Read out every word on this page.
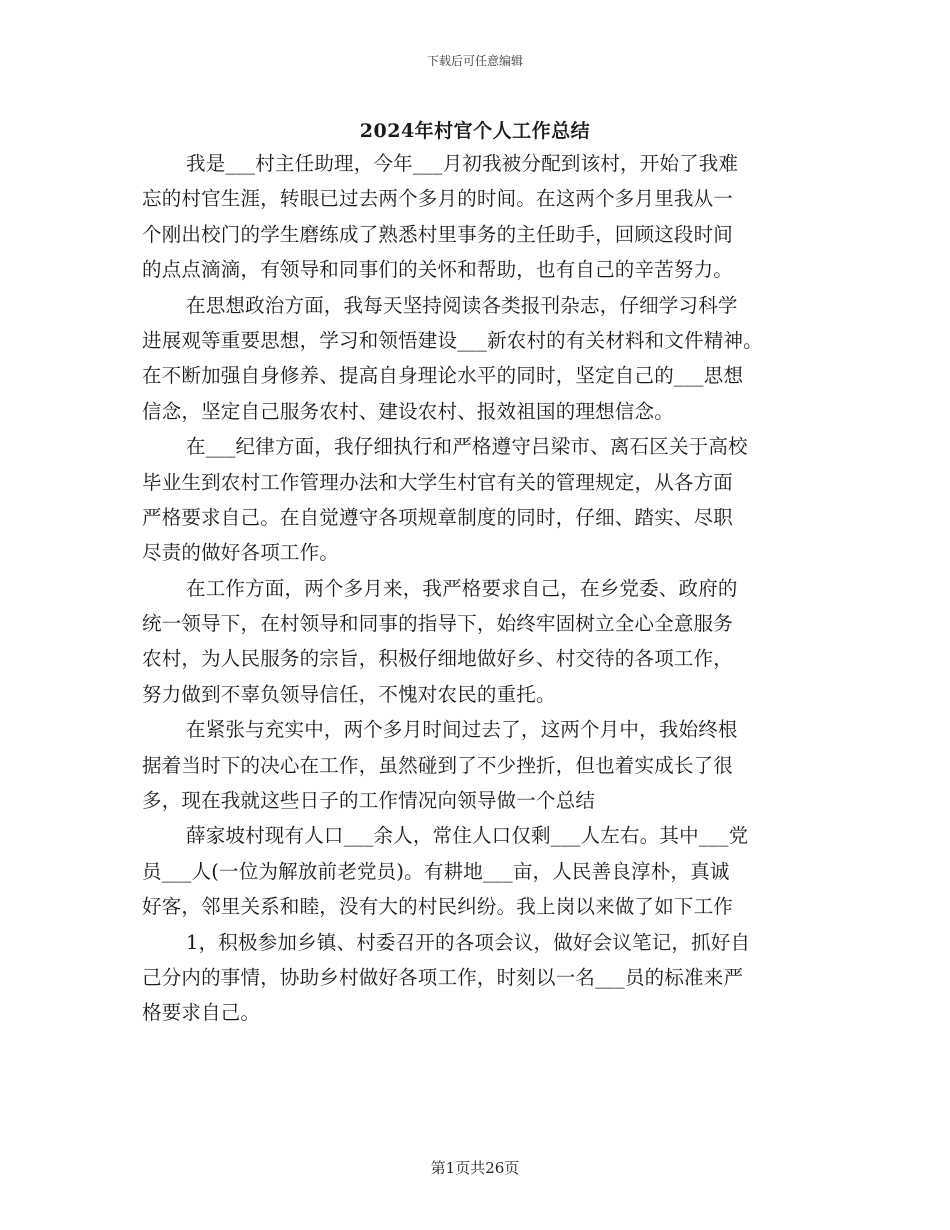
下载后可任意编辑
2024年村官个人工作总结
我是___村主任助理，今年___月初我被分配到该村，开始了我难
忘的村官生涯，转眼已过去两个多月的时间。在这两个多月里我从一
个刚出校门的学生磨练成了熟悉村里事务的主任助手，回顾这段时间
的点点滴滴，有领导和同事们的关怀和帮助，也有自己的辛苦努力。
在思想政治方面，我每天坚持阅读各类报刊杂志，仔细学习科学
进展观等重要思想，学习和领悟建设___新农村的有关材料和文件精神。
在不断加强自身修养、提高自身理论水平的同时，坚定自己的___思想
信念，坚定自己服务农村、建设农村、报效祖国的理想信念。
在___纪律方面，我仔细执行和严格遵守吕梁市、离石区关于高校
毕业生到农村工作管理办法和大学生村官有关的管理规定，从各方面
严格要求自己。在自觉遵守各项规章制度的同时，仔细、踏实、尽职
尽责的做好各项工作。
在工作方面，两个多月来，我严格要求自己，在乡党委、政府的
统一领导下，在村领导和同事的指导下，始终牢固树立全心全意服务
农村，为人民服务的宗旨，积极仔细地做好乡、村交待的各项工作，
努力做到不辜负领导信任，不愧对农民的重托。
在紧张与充实中，两个多月时间过去了，这两个月中，我始终根
据着当时下的决心在工作，虽然碰到了不少挫折，但也着实成长了很
多，现在我就这些日子的工作情况向领导做一个总结
薛家坡村现有人口___余人，常住人口仅剩___人左右。其中___党
员___人(一位为解放前老党员)。有耕地___亩，人民善良淳朴，真诚
好客，邻里关系和睦，没有大的村民纠纷。我上岗以来做了如下工作
1，积极参加乡镇、村委召开的各项会议，做好会议笔记，抓好自
己分内的事情，协助乡村做好各项工作，时刻以一名___员的标准来严
格要求自己。
第1页共26页
